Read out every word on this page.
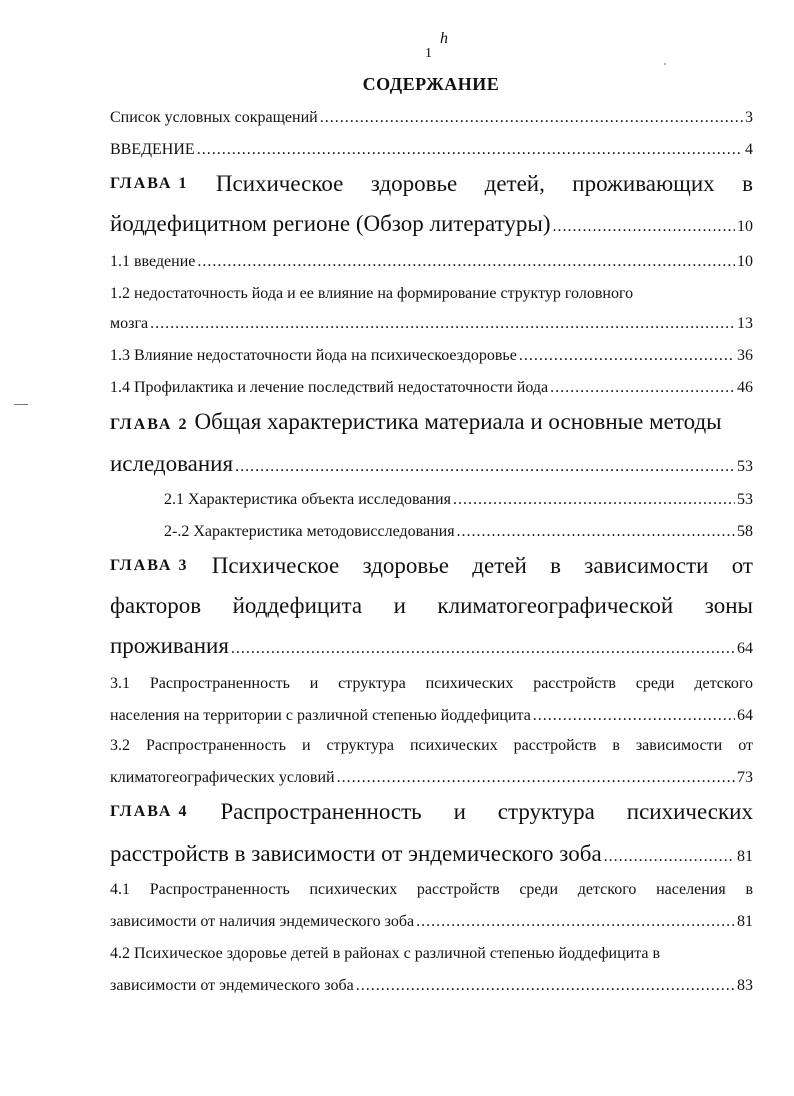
h
1
СОДЕРЖАНИЕ
Список условных сокращений .....	3
ВВЕДЕНИЕ .....	4
ГЛАВА 1 Психическое здоровье детей, проживающих в
йоддефицитном регионе (Обзор литературы) .....	10
1.1 введение .....	10
1.2 недостаточность йода и ее влияние на формирование структур головного
мозга .....	13
1.3 Влияние недостаточности йода на психическоездоровье .....	36
1.4 Профилактика и лечение последствий недостаточности йода .....	46
ГЛАВА 2 Общая характеристика материала и основные методы
иследования .....	53
2.1 Характеристика объекта исследования .....	53
2-.2 Характеристика методовисследования .....	58
ГЛАВА 3 Психическое здоровье детей в зависимости от
факторов йоддефицита и климатогеографической зоны
проживания .....	64
3.1 Распространенность и структура психических расстройств среди детского
населения на территории с различной степенью йоддефицита .....	64
3.2 Распространенность и структура психических расстройств в зависимости от
климатогеографических условий .....	73
ГЛАВА 4 Распространенность и структура психических
расстройств в зависимости от эндемического зоба .....	81
4.1 Распространенность психических расстройств среди детского населения в
зависимости от наличия эндемического зоба .....	81
4.2 Психическое здоровье детей в районах с различной степенью йоддефицита в
зависимости от эндемического зоба .....	83
